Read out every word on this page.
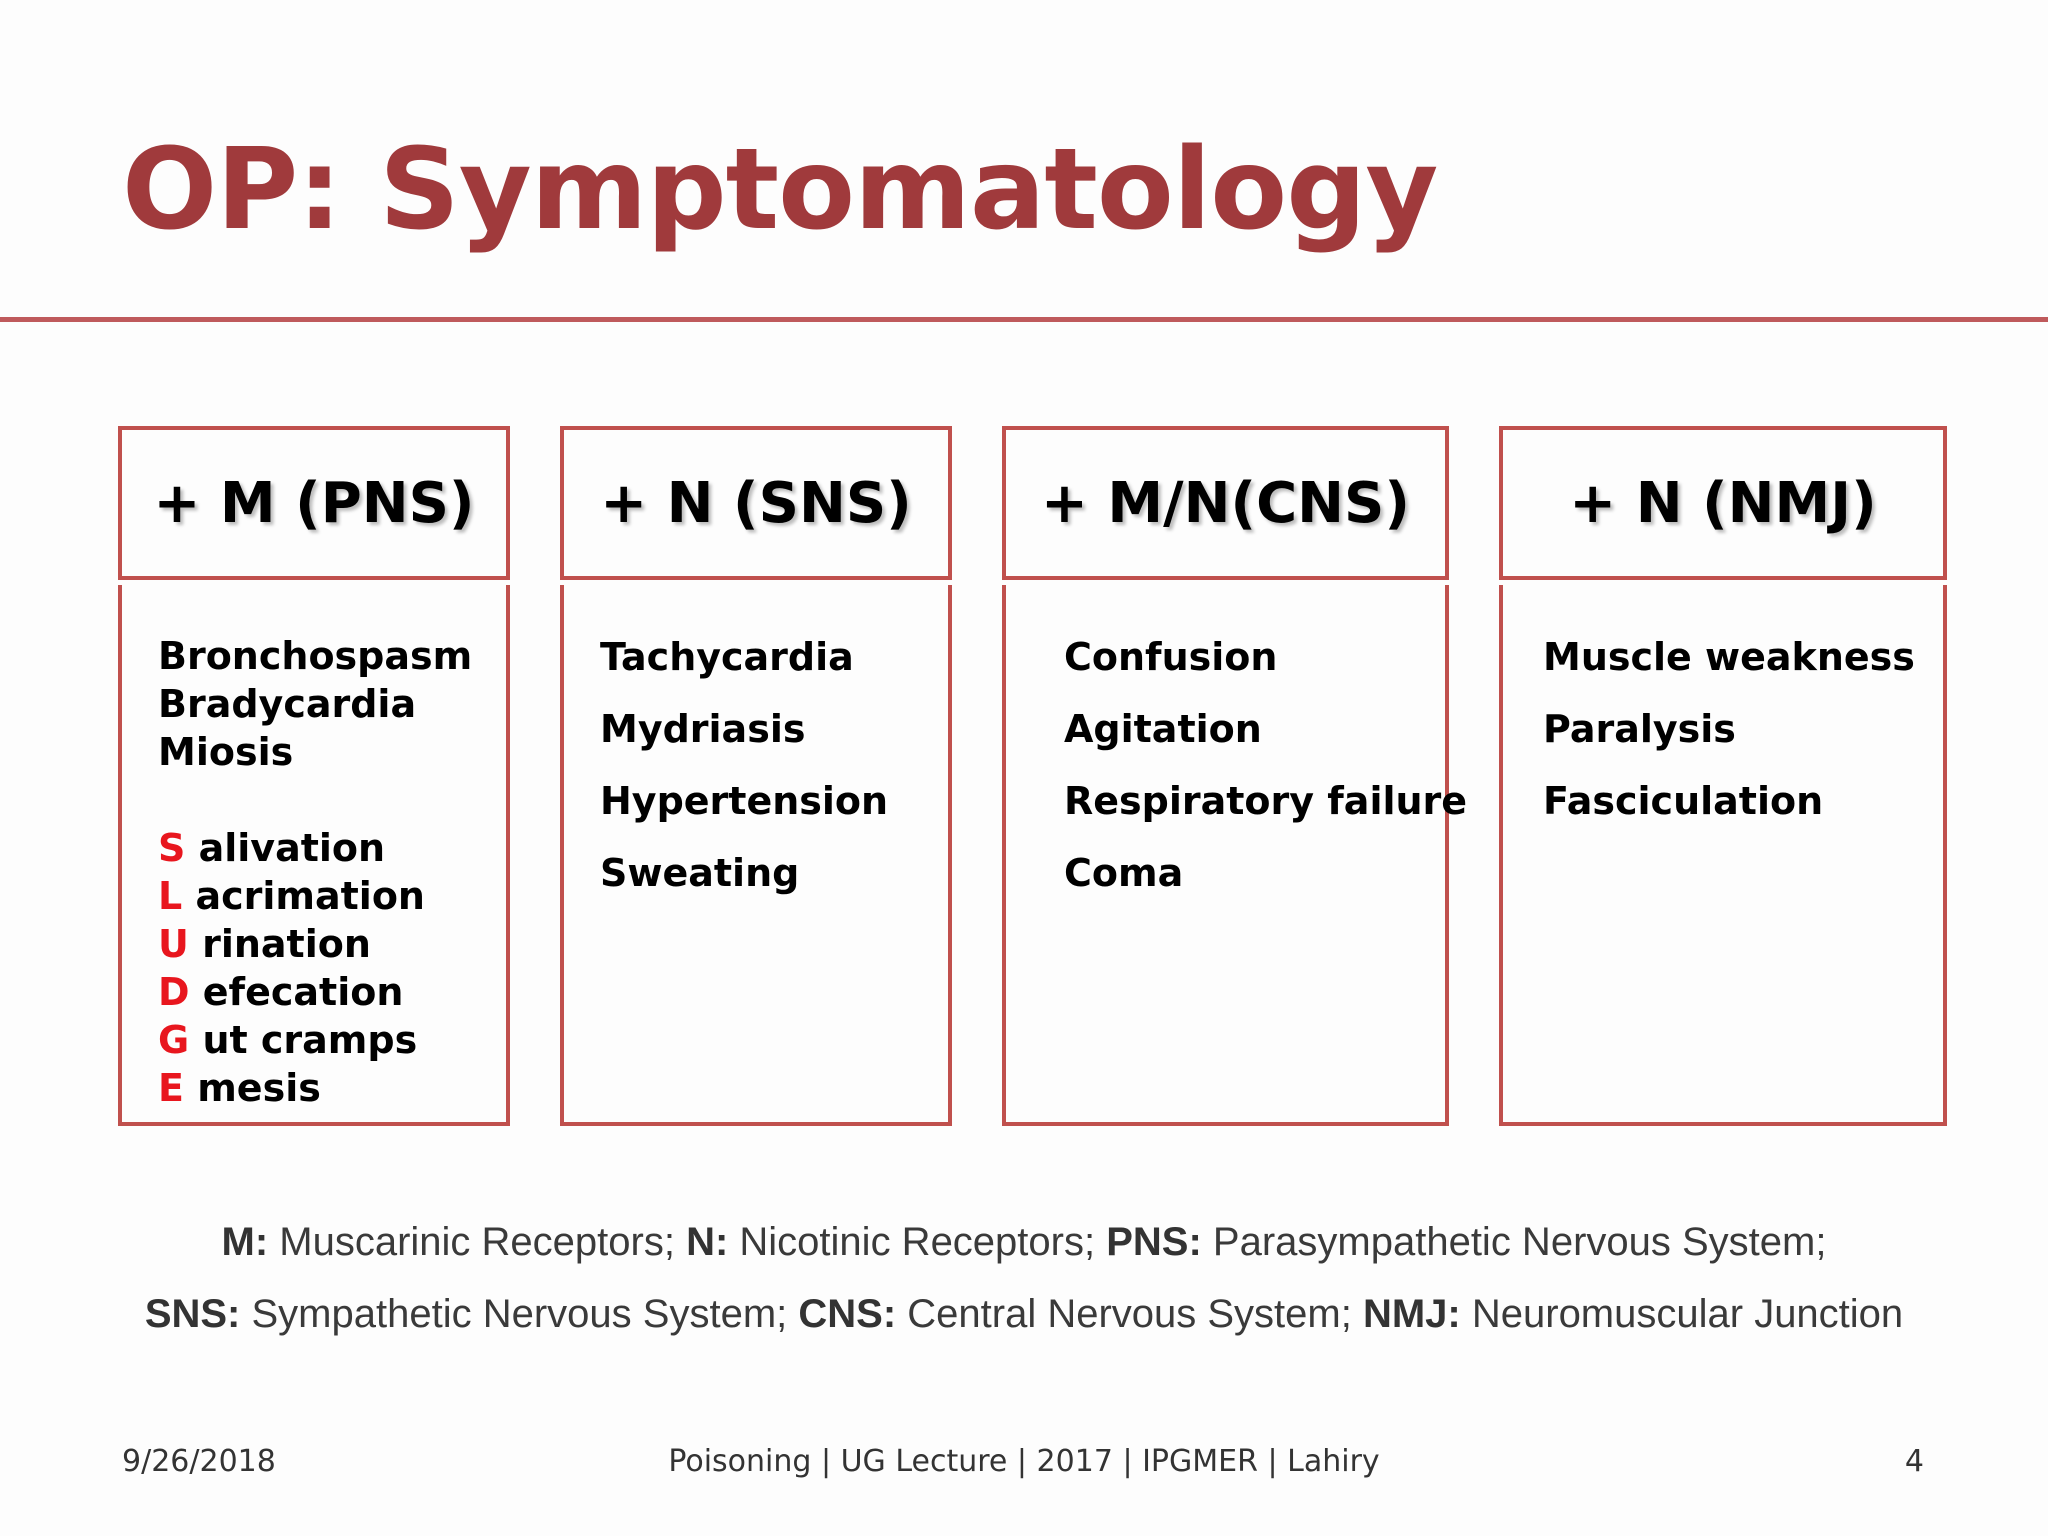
OP: Symptomatology
+ M (PNS)
Bronchospasm
Bradycardia
Miosis
S alivation
L acrimation
U rination
D efecation
G ut cramps
E mesis
+ N (SNS)
Tachycardia
Mydriasis
Hypertension
Sweating
+ M/N(CNS)
Confusion
Agitation
Respiratory failure
Coma
+ N (NMJ)
Muscle weakness
Paralysis
Fasciculation
M: Muscarinic Receptors; N: Nicotinic Receptors; PNS: Parasympathetic Nervous System;
SNS: Sympathetic Nervous System; CNS: Central Nervous System; NMJ: Neuromuscular Junction
9/26/2018	Poisoning | UG Lecture | 2017 | IPGMER | Lahiry	4
